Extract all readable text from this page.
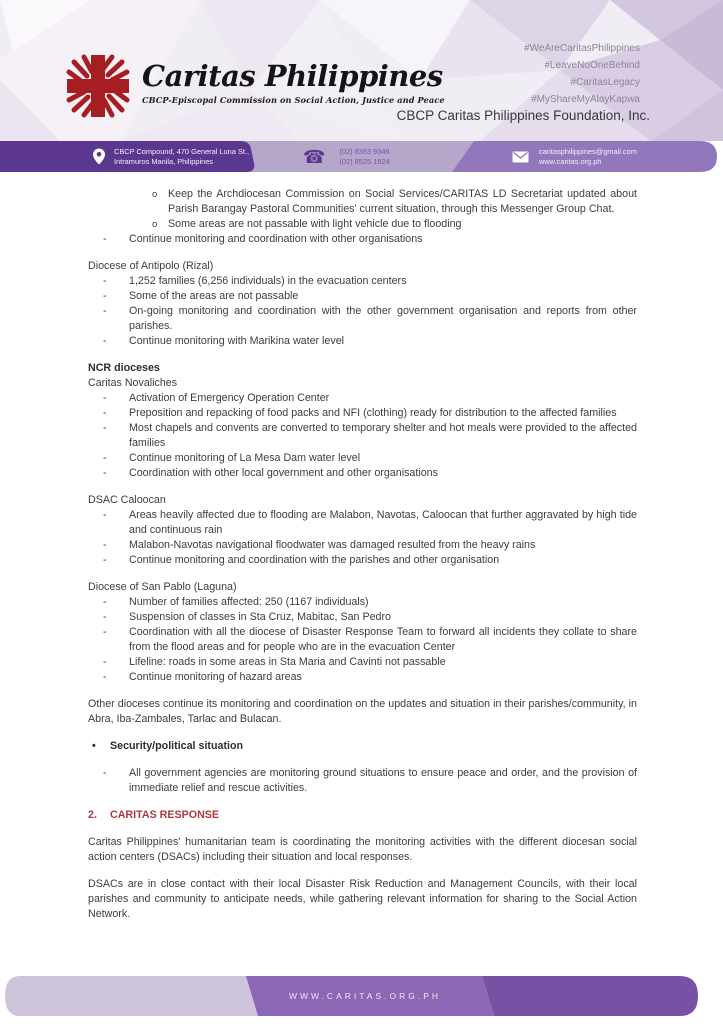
Caritas Philippines
CBCP-Episcopal Commission on Social Action, Justice and Peace
#WeAreCaritasPhilippines
#LeaveNoOneBehind
#CaritasLegacy
#MyShareMyAlayKapwa
CBCP Caritas Philippines Foundation, Inc.
CBCP Compound, 470 General Luna St.,
Intramuros Manila, Philippines	☎ (02) 8353 9346
(02) 8525 1924
caritasphilippines@gmail.com
www.caritas.org.ph
o Keep the Archdiocesan Commission on Social Services/CARITAS LD Secretariat updated about Parish Barangay Pastoral Communities' current situation, through this Messenger Group Chat.
o Some areas are not passable with light vehicle due to flooding
- Continue monitoring and coordination with other organisations
Diocese of Antipolo (Rizal)
- 1,252 families (6,256 individuals) in the evacuation centers
- Some of the areas are not passable
- On-going monitoring and coordination with the other government organisation and reports from other parishes.
- Continue monitoring with Marikina water level
NCR dioceses
Caritas Novaliches
- Activation of Emergency Operation Center
- Preposition and repacking of food packs and NFI (clothing) ready for distribution to the affected families
- Most chapels and convents are converted to temporary shelter and hot meals were provided to the affected families
- Continue monitoring of La Mesa Dam water level
- Coordination with other local government and other organisations
DSAC Caloocan
- Areas heavily affected due to flooding are Malabon, Navotas, Caloocan that further aggravated by high tide and continuous rain
- Malabon-Navotas navigational floodwater was damaged resulted from the heavy rains
- Continue monitoring and coordination with the parishes and other organisation
Diocese of San Pablo (Laguna)
- Number of families affected: 250 (1167 individuals)
- Suspension of classes in Sta Cruz, Mabitac, San Pedro
- Coordination with all the diocese of Disaster Response Team to forward all incidents they collate to share from the flood areas and for people who are in the evacuation Center
- Lifeline: roads in some areas in Sta Maria and Cavinti not passable
- Continue monitoring of hazard areas
Other dioceses continue its monitoring and coordination on the updates and situation in their parishes/community, in Abra, Iba-Zambales, Tarlac and Bulacan.
• Security/political situation
- All government agencies are monitoring ground situations to ensure peace and order, and the provision of immediate relief and rescue activities.
2. CARITAS RESPONSE
Caritas Philippines' humanitarian team is coordinating the monitoring activities with the different diocesan social action centers (DSACs) including their situation and local responses.
DSACs are in close contact with their local Disaster Risk Reduction and Management Councils, with their local parishes and community to anticipate needs, while gathering relevant information for sharing to the Social Action Network.
WWW.CARITAS.ORG.PH
